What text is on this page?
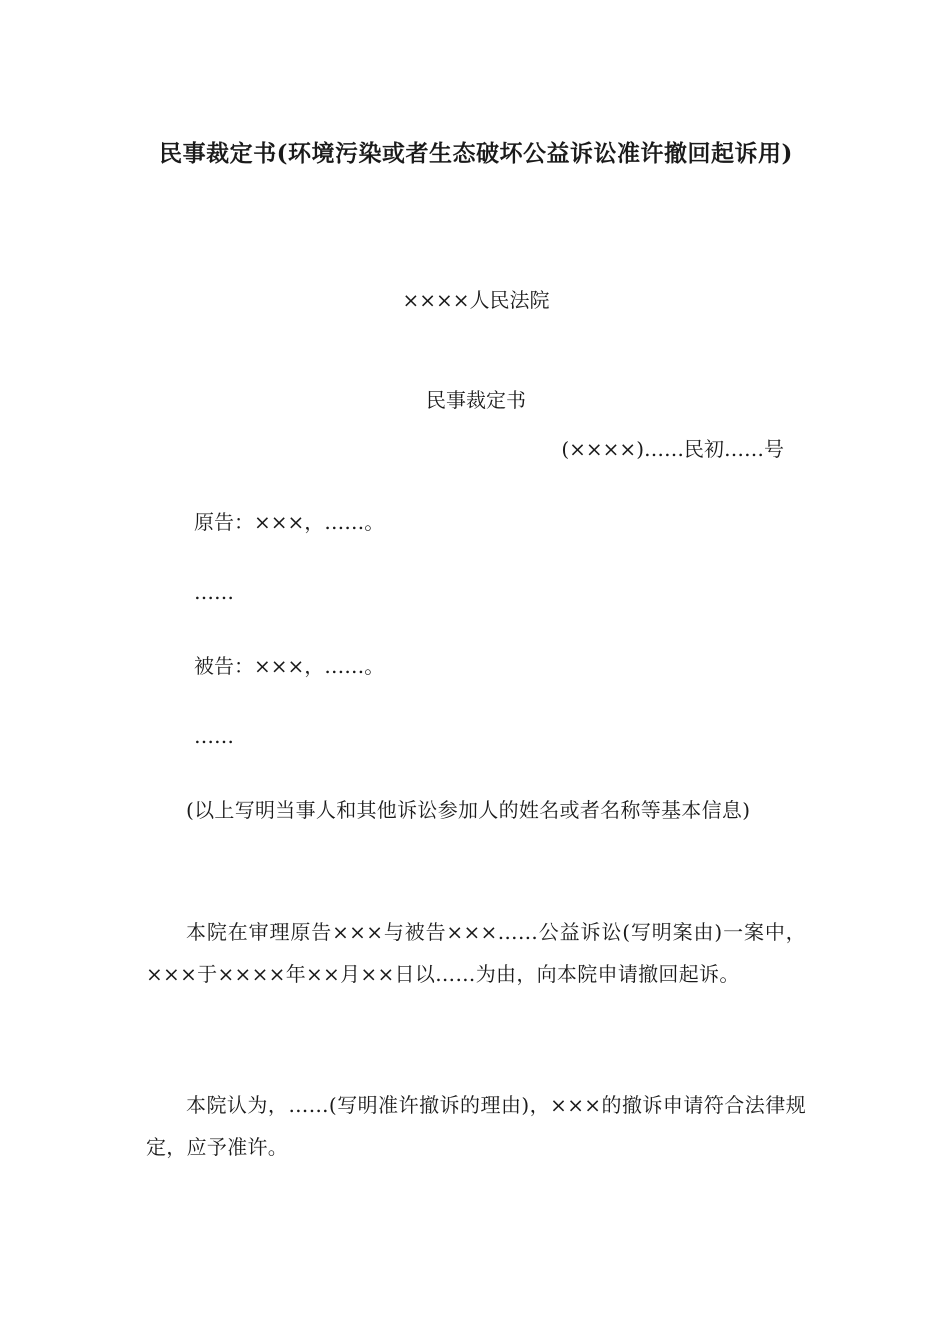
民事裁定书(环境污染或者生态破坏公益诉讼准许撤回起诉用)

××××人民法院

民事裁定书

(××××)……民初……号

原告：×××，……。

……

被告：×××，……。

……

(以上写明当事人和其他诉讼参加人的姓名或者名称等基本信息)

本院在审理原告×××与被告×××……公益诉讼(写明案由)一案中，×××于××××年××月××日以……为由，向本院申请撤回起诉。

本院认为，……(写明准许撤诉的理由)，×××的撤诉申请符合法律规定，应予准许。
